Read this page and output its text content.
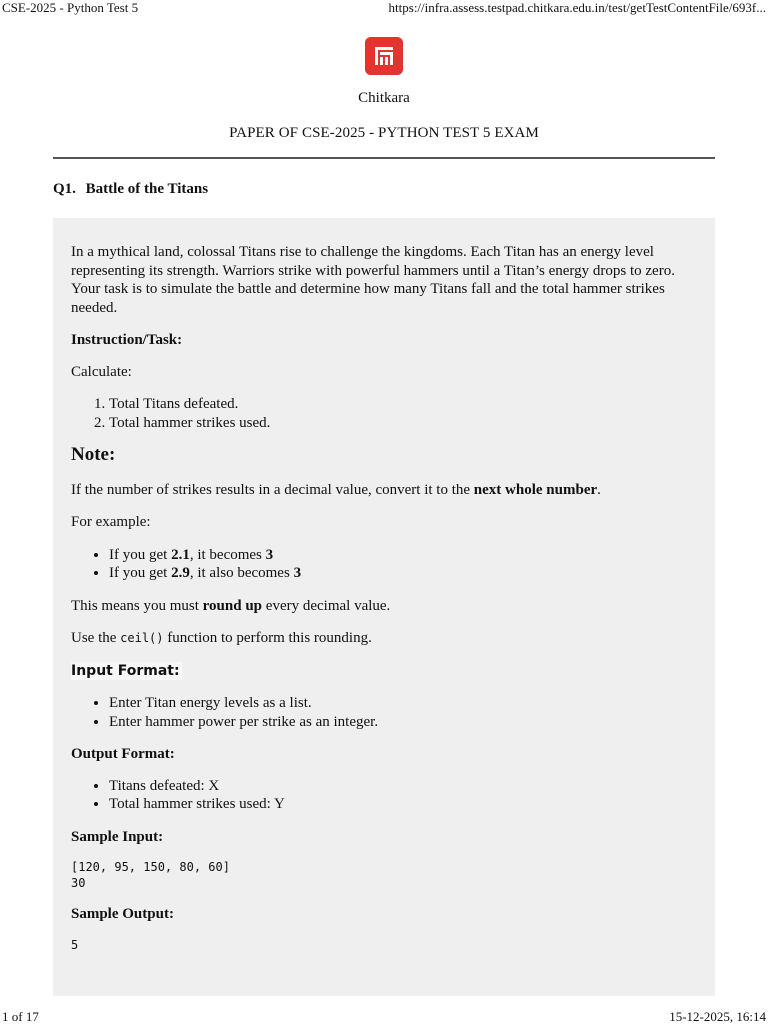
CSE-2025 - Python Test 5	https://infra.assess.testpad.chitkara.edu.in/test/getTestContentFile/693f...
Chitkara
PAPER OF CSE-2025 - PYTHON TEST 5 EXAM
Q1. Battle of the Titans

In a mythical land, colossal Titans rise to challenge the kingdoms. Each Titan has an energy level representing its strength. Warriors strike with powerful hammers until a Titan’s energy drops to zero. Your task is to simulate the battle and determine how many Titans fall and the total hammer strikes needed.

Instruction/Task:

Calculate:

1. Total Titans defeated.
2. Total hammer strikes used.

Note:

If the number of strikes results in a decimal value, convert it to the next whole number.

For example:

• If you get 2.1, it becomes 3
• If you get 2.9, it also becomes 3

This means you must round up every decimal value.

Use the ceil() function to perform this rounding.

Input Format:
• Enter Titan energy levels as a list.
• Enter hammer power per strike as an integer.

Output Format:

• Titans defeated: X
• Total hammer strikes used: Y

Sample Input:

[120, 95, 150, 80, 60]
30

Sample Output:

5
1 of 17	15-12-2025, 16:14
